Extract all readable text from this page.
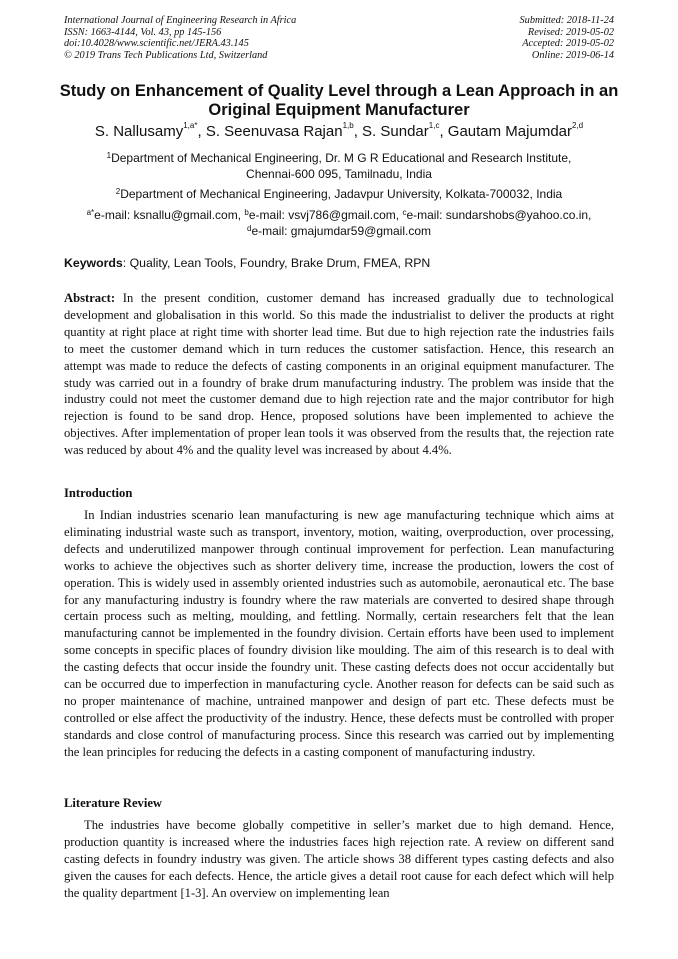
International Journal of Engineering Research in Africa
ISSN: 1663-4144, Vol. 43, pp 145-156
doi:10.4028/www.scientific.net/JERA.43.145
© 2019 Trans Tech Publications Ltd, Switzerland
Submitted: 2018-11-24
Revised: 2019-05-02
Accepted: 2019-05-02
Online: 2019-06-14
Study on Enhancement of Quality Level through a Lean Approach in an
Original Equipment Manufacturer
S. Nallusamy$^{1,a*}$, S. Seenuvasa Rajan$^{1,b}$, S. Sundar$^{1,c}$, Gautam Majumdar$^{2,d}$
$^1$Department of Mechanical Engineering, Dr. M G R Educational and Research Institute,
Chennai-600 095, Tamilnadu, India
$^2$Department of Mechanical Engineering, Jadavpur University, Kolkata-700032, India
$^{a*}$e-mail: ksnallu@gmail.com, $^b$e-mail: vsvj786@gmail.com, $^c$e-mail: sundarshobs@yahoo.co.in,
$^d$e-mail: gmajumdar59@gmail.com
Keywords: Quality, Lean Tools, Foundry, Brake Drum, FMEA, RPN

Abstract: In the present condition, customer demand has increased gradually due to technological development and globalisation in this world. So this made the industrialist to deliver the products at right quantity at right place at right time with shorter lead time. But due to high rejection rate the industries fails to meet the customer demand which in turn reduces the customer satisfaction. Hence, this research an attempt was made to reduce the defects of casting components in an original equipment manufacturer. The study was carried out in a foundry of brake drum manufacturing industry. The problem was inside that the industry could not meet the customer demand due to high rejection rate and the major contributor for high rejection is found to be sand drop. Hence, proposed solutions have been implemented to achieve the objectives. After implementation of proper lean tools it was observed from the results that, the rejection rate was reduced by about 4% and the quality level was increased by about 4.4%.

Introduction

In Indian industries scenario lean manufacturing is new age manufacturing technique which aims at eliminating industrial waste such as transport, inventory, motion, waiting, overproduction, over processing, defects and underutilized manpower through continual improvement for perfection. Lean manufacturing works to achieve the objectives such as shorter delivery time, increase the production, lowers the cost of operation. This is widely used in assembly oriented industries such as automobile, aeronautical etc. The base for any manufacturing industry is foundry where the raw materials are converted to desired shape through certain process such as melting, moulding, and fettling. Normally, certain researchers felt that the lean manufacturing cannot be implemented in the foundry division. Certain efforts have been used to implement some concepts in specific places of foundry division like moulding. The aim of this research is to deal with the casting defects that occur inside the foundry unit. These casting defects does not occur accidentally but can be occurred due to imperfection in manufacturing cycle. Another reason for defects can be said such as no proper maintenance of machine, untrained manpower and design of part etc. These defects must be controlled or else affect the productivity of the industry. Hence, these defects must be controlled with proper standards and close control of manufacturing process. Since this research was carried out by implementing the lean principles for reducing the defects in a casting component of manufacturing industry.

Literature Review

The industries have become globally competitive in seller’s market due to high demand. Hence, production quantity is increased where the industries faces high rejection rate. A review on different sand casting defects in foundry industry was given. The article shows 38 different types casting defects and also given the causes for each defects. Hence, the article gives a detail root cause for each defect which will help the quality department [1-3]. An overview on implementing lean
